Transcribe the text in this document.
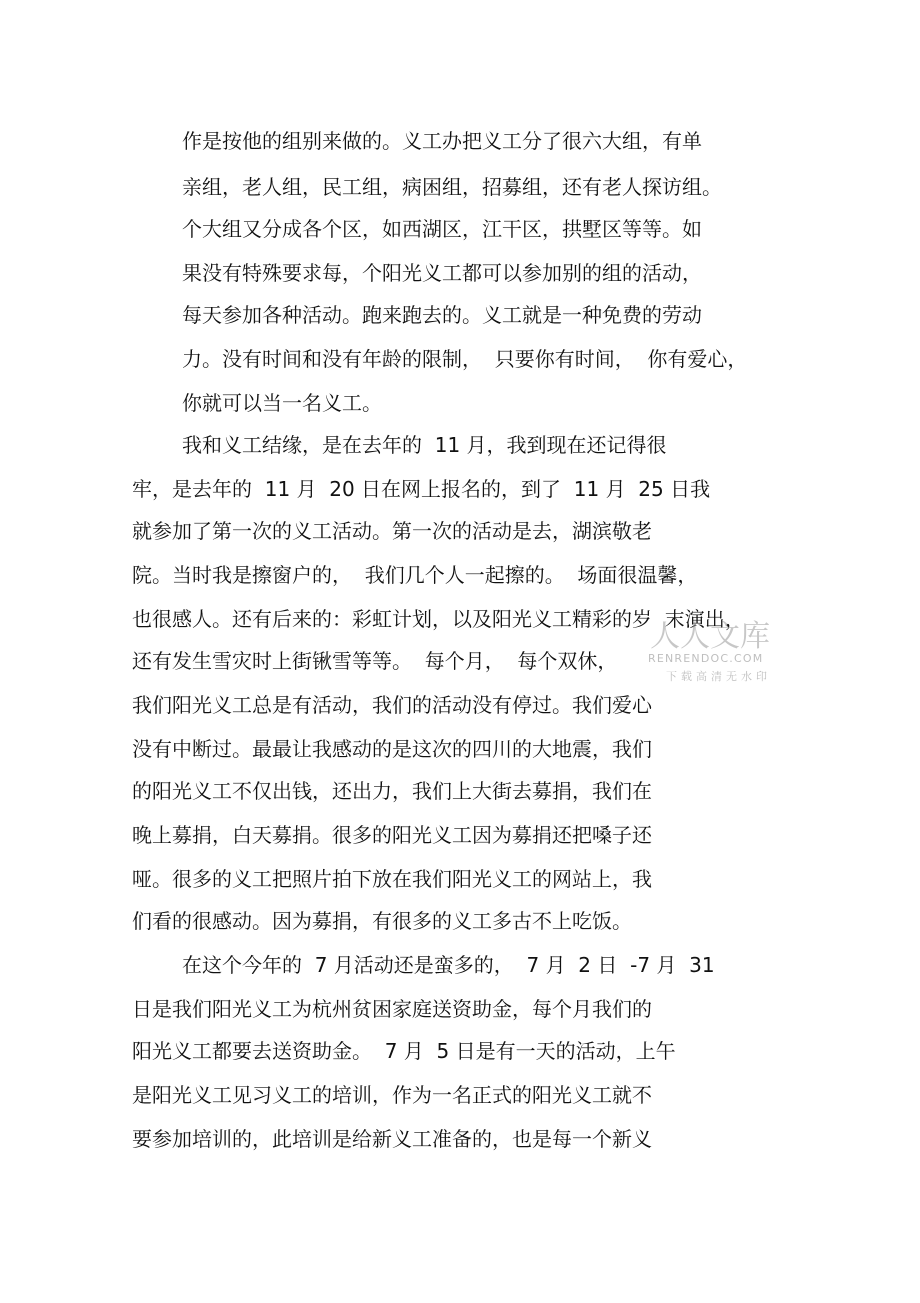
作是按他的组别来做的。义工办把义工分了很六大组，有单
亲组，老人组，民工组，病困组，招募组，还有老人探访组。
个大组又分成各个区，如西湖区，江干区，拱墅区等等。如
果没有特殊要求每，个阳光义工都可以参加别的组的活动，
每天参加各种活动。跑来跑去的。义工就是一种免费的劳动
力。没有时间和没有年龄的限制，  只要你有时间，  你有爱心，
你就可以当一名义工。
我和义工结缘，是在去年的  11 月，我到现在还记得很
牢，是去年的  11 月  20 日在网上报名的，到了  11 月  25 日我
就参加了第一次的义工活动。第一次的活动是去，湖滨敬老
院。当时我是擦窗户的，  我们几个人一起擦的。  场面很温馨，
也很感人。还有后来的：彩虹计划，以及阳光义工精彩的岁  末演出，
还有发生雪灾时上街锹雪等等。  每个月，  每个双休，
我们阳光义工总是有活动，我们的活动没有停过。我们爱心
没有中断过。最最让我感动的是这次的四川的大地震，我们
的阳光义工不仅出钱，还出力，我们上大街去募捐，我们在
晚上募捐，白天募捐。很多的阳光义工因为募捐还把嗓子还
哑。很多的义工把照片拍下放在我们阳光义工的网站上，我
们看的很感动。因为募捐，有很多的义工多古不上吃饭。
在这个今年的  7 月活动还是蛮多的，  7 月  2 日  -7 月  31
日是我们阳光义工为杭州贫困家庭送资助金，每个月我们的
阳光义工都要去送资助金。  7 月  5 日是有一天的活动，上午
是阳光义工见习义工的培训，作为一名正式的阳光义工就不
要参加培训的，此培训是给新义工准备的，也是每一个新义
人人文库
RENRENDOC.COM
下载高清无水印
